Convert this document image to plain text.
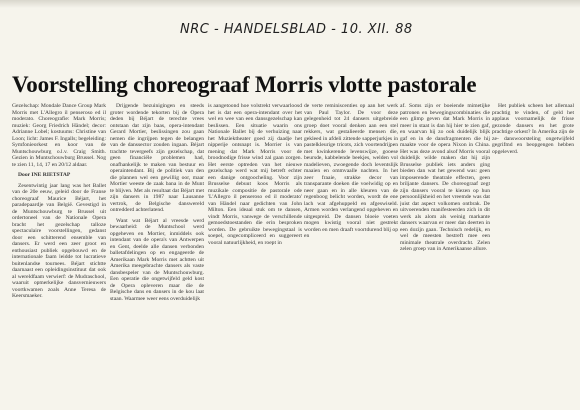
NRC - HANDELSBLAD - 10. XII. 88
Voorstelling choreograaf Morris vlotte pastorale

Gezelschap: Mondale Dance Group Mark Morris met L'Allegro il penseroso ed il moderato. Choreografie: Mark Morris; muziek: Georg Friedrich Händel; decor: Adrianne Lobel; kostuums: Christine van Loon; licht: James F. Ingalls; begeleiding: Symfonieorkest en koor van de Muntschouwburg o.l.v. Craig Smith. Gezien in Muntschouwburg Brussel. Nog te zien 11, 14, 17 en 20/12 aldaar.

Door INE RIETSTAP

Zesentwintig jaar lang was het Ballet van de 20e eeuw, geleid door de Franse choreograaf Maurice Béjart, het paradepaardje van België. Gevestigd in de Muntschouwburg te Brussel uit ordertoneel van de Nationale Opera bracht het gezelschap talloze spectaculaire voorstellingen, gedanst door een schitterend ensemble van dansers. Er werd een zeer groot en enthousiast publiek opgebouwd en de internationale faam leidde tot lucratieve buitenlandse tournees. Béjart stichtte daarnaast een opleidingsinstituut dat ook al wereldfaam verwierf: de Mudraschool, waaruit opmerkelijke dansvernieuwers voortkwamen zoals Anne Teresa de Keersmaeker.

Drijgende bezuinigingen en steeds groter wordende tekorten bij de Opera deden bij Béjart de terechte vrees ontstaan dat zijn baas, opera-intendant Gerard Mortier, beslissingen zou gaan nemen die ingrijpen tegen de belangen van de danssector zouden ingaan. Béjart trachtte tevergeefs zijn gezelschap, dat geen financiële problemen had, onafhankelijk te maken van bestuur en operaintendant. Bij de politiek van den die plannen wel een gewillig oor, maar Mortier weeste de zaak bana in de Munt te blijven. Met als resultaat dat Béjart met zijn dansers in 1987 naar Lausanne vertrok, de Belgische danswereld ontredderd achterlatend.

Want wat Béjart al vreesde werd bewaarheid: de Muntschool werd opgeheven en Mortier, inmiddels ook intendant van de opera's van Antwerpen en Gent, deelde alle dansen verbonden balletafdelingen op en engageerde de Amerikaan Mark Morris met achtten uit Amerika meegebrachte dansers als vaste dansbespeler van de Muntschouwburg. Een operatie die ongetwijfeld geld kost de Opera opleveren maar die de Belgische dans en dansers in de kou laat staan. Waarmee weer eens overduidelijk

is aangetoond hoe volstrekt verwaarloosd het is dat een opera-intendant over het wel en wee van een danssgezelschap kan beslissen. Een situatie waarin ons Nationale Ballet bij de verhuizing naar het Muziektheater goed zij daadje het nipperije ontsnapt is. Morrier is van mening dat Mark Morris voor de broodnodige frisse wind zal gaan zorgen. Het eerste optreden van het nieuwe gezelschap werd wat mij betreft echter een danige ontgoocheling. Voor zijn Brusselse debuut koos Morris als muzikale compositie de pastorale ode 'L'Allegro il penseroso ed il moderato' van Händel naar gedichten van John Milton. Een ideaal stuk om te dansen, vindt Morris, vanwege de verschillende gemoedstoestanden die erin besproken worden. De gebruikte bewegingstaal is soepel, ongecompliceerd en suggereert vooral natuurlijkheid, en roept in

de verte reminiscenties op aan het werk van Paul Taylor. De voor deze gelegenheid tot 24 dansers uitgebreide groep doet vooral denken aan een stel rekkers, wat gestalieerde mensen die, gekleed in afdeli zittende sapperjurkjes in pastelkleurige tricots, zich voortendrijpen met kwinkerende levenswijze, gooese beursde, kabbelende beekjes, welden vol madelieven, zwoegende doch leventslijk maaien en ommvaalle nachten. In het zeer fraaie, strakke decor van transparante doeken die voelwidig op en neer gaan en in alle kleuren van de regenboog belicht worden, wordt de ene lach wat afgehuppeld en afgeswiseld. Armen worden verlangend opgeheven en uitgespreid. De dansen bloeie voeten mogen kwistig vooral niet gestrekt worden en men draaft voortdurend blij op en

af. Soms zijn er boeiende mimetijke patronen en bewegingscombinaties die een glimp geven dat Mark Morris in meer in staat is dan hij hier te zien gaf, en waarvan hij zo ook duidelijk blijk gaf en in de dansfragmenten die hij maakte voor de opera Nixon in China. Het was deze avond alsof Morris vooral duidelijk wilde maken dat hij zijn Brusselse publiek iets anders ging bieden dan wat het gewend was: geen imposerende theatrale effecten, geen briljante dansers. De choreograaf zegt zijn dansers vooral te kiezen op hun persoonlijkheid en het vreemde was dat juist dat aspect volkomen ontbrak. De uitvoerenden manifesteerden zich in dit werk als alom als weinig markante dansers waarvan er meer dan deerten in een dozijn gaan. Technisch redelijk, en wel de meesten bestreft mee een minimale theatrale overdracht. Zelen zelen groep van in Amerikaanse allure.

Het publiek scheen het allemaal prachtig te vinden, of geld het applaus voornamelijk de frisse gezonde dansers en het grote prachtige orkest? In Amerika zijn de ze- danswoorsteling ongetwijfeld gegrifmd en beopgengen hebben opgeleverd.
